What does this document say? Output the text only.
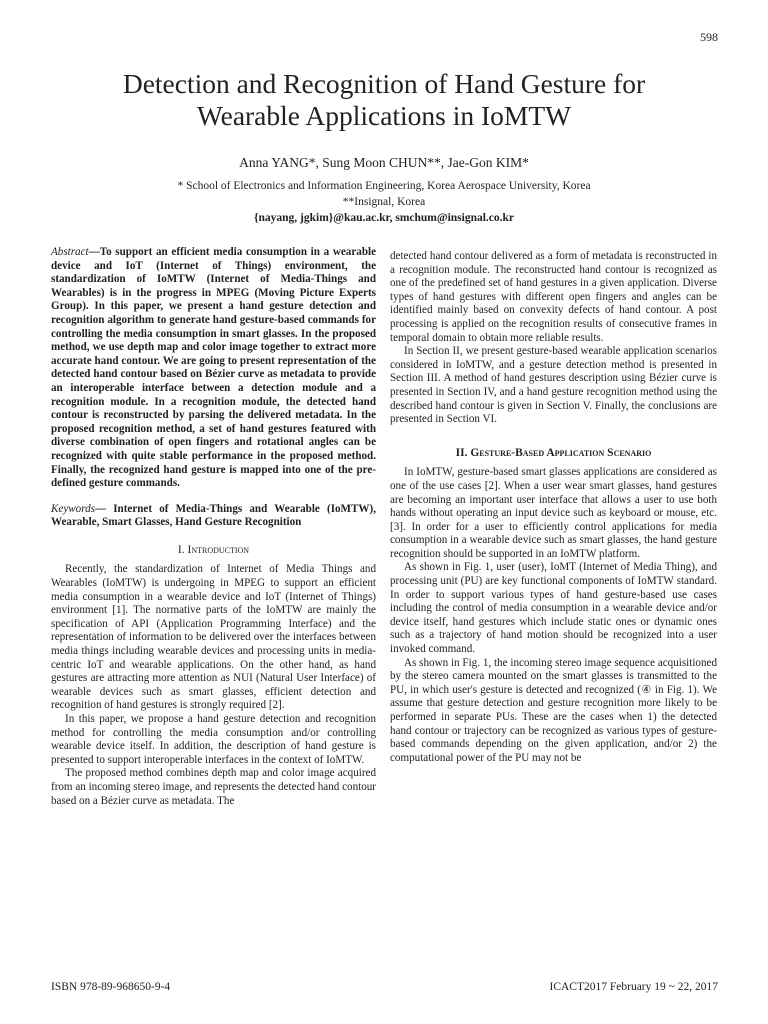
598
Detection and Recognition of Hand Gesture for
Wearable Applications in IoMTW
Anna YANG*, Sung Moon CHUN**, Jae-Gon KIM*
* School of Electronics and Information Engineering, Korea Aerospace University, Korea
**Insignal, Korea
{nayang, jgkim}@kau.ac.kr, smchum@insignal.co.kr

Abstract—To support an efficient media consumption in a wearable device and IoT (Internet of Things) environment, the standardization of IoMTW (Internet of Media-Things and Wearables) is in the progress in MPEG (Moving Picture Experts Group). In this paper, we present a hand gesture detection and recognition algorithm to generate hand gesture-based commands for controlling the media consumption in smart glasses. In the proposed method, we use depth map and color image together to extract more accurate hand contour. We are going to present representation of the detected hand contour based on Bézier curve as metadata to provide an interoperable interface between a detection module and a recognition module. In a recognition module, the detected hand contour is reconstructed by parsing the delivered metadata. In the proposed recognition method, a set of hand gestures featured with diverse combination of open fingers and rotational angles can be recognized with quite stable performance in the proposed method. Finally, the recognized hand gesture is mapped into one of the pre-defined gesture commands.

Keywords— Internet of Media-Things and Wearable (IoMTW), Wearable, Smart Glasses, Hand Gesture Recognition

I. Introduction

Recently, the standardization of Internet of Media Things and Wearables (IoMTW) is undergoing in MPEG to support an efficient media consumption in a wearable device and IoT (Internet of Things) environment [1]. The normative parts of the IoMTW are mainly the specification of API (Application Programming Interface) and the representation of information to be delivered over the interfaces between media things including wearable devices and processing units in media-centric IoT and wearable applications. On the other hand, as hand gestures are attracting more attention as NUI (Natural User Interface) of wearable devices such as smart glasses, efficient detection and recognition of hand gestures is strongly required [2].

In this paper, we propose a hand gesture detection and recognition method for controlling the media consumption and/or controlling wearable device itself. In addition, the description of hand gesture is presented to support interoperable interfaces in the context of IoMTW.

The proposed method combines depth map and color image acquired from an incoming stereo image, and represents the detected hand contour based on a Bézier curve as metadata. The

detected hand contour delivered as a form of metadata is reconstructed in a recognition module. The reconstructed hand contour is recognized as one of the predefined set of hand gestures in a given application. Diverse types of hand gestures with different open fingers and angles can be identified mainly based on convexity defects of hand contour. A post processing is applied on the recognition results of consecutive frames in temporal domain to obtain more reliable results.

In Section II, we present gesture-based wearable application scenarios considered in IoMTW, and a gesture detection method is presented in Section III. A method of hand gestures description using Bézier curve is presented in Section IV, and a hand gesture recognition method using the described hand contour is given in Section V. Finally, the conclusions are presented in Section VI.

II. Gesture-Based Application Scenario

In IoMTW, gesture-based smart glasses applications are considered as one of the use cases [2]. When a user wear smart glasses, hand gestures are becoming an important user interface that allows a user to use both hands without operating an input device such as keyboard or mouse, etc. [3]. In order for a user to efficiently control applications for media consumption in a wearable device such as smart glasses, the hand gesture recognition should be supported in an IoMTW platform.

As shown in Fig. 1, user (user), IoMT (Internet of Media Thing), and processing unit (PU) are key functional components of IoMTW standard. In order to support various types of hand gesture-based use cases including the control of media consumption in a wearable device and/or device itself, hand gestures which include static ones or dynamic ones such as a trajectory of hand motion should be recognized into a user invoked command.

As shown in Fig. 1, the incoming stereo image sequence acquisitioned by the stereo camera mounted on the smart glasses is transmitted to the PU, in which user's gesture is detected and recognized (④ in Fig. 1). We assume that gesture detection and gesture recognition more likely to be performed in separate PUs. These are the cases when 1) the detected hand contour or trajectory can be recognized as various types of gesture-based commands depending on the given application, and/or 2) the computational power of the PU may not be

ISBN 978-89-968650-9-4	ICACT2017 February 19 ~ 22, 2017
